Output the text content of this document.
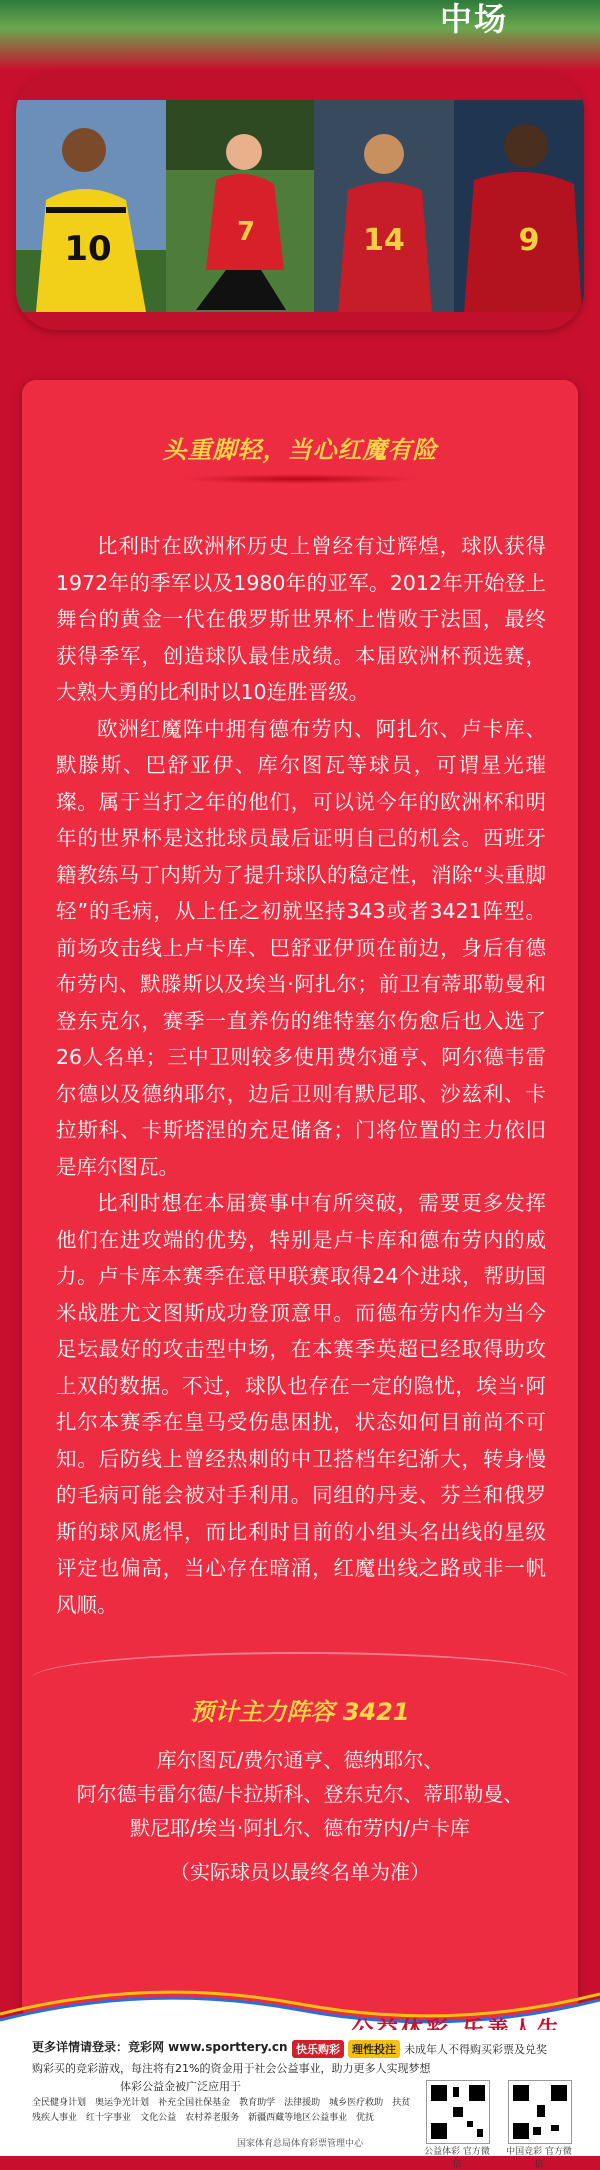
中场
10	7	14	9
头重脚轻，当心红魔有险

比利时在欧洲杯历史上曾经有过辉煌，球队获得1972年的季军以及1980年的亚军。2012年开始登上舞台的黄金一代在俄罗斯世界杯上惜败于法国，最终获得季军，创造球队最佳成绩。本届欧洲杯预选赛，大熟大勇的比利时以10连胜晋级。

欧洲红魔阵中拥有德布劳内、阿扎尔、卢卡库、默滕斯、巴舒亚伊、库尔图瓦等球员，可谓星光璀璨。属于当打之年的他们，可以说今年的欧洲杯和明年的世界杯是这批球员最后证明自己的机会。西班牙籍教练马丁内斯为了提升球队的稳定性，消除“头重脚轻”的毛病，从上任之初就坚持343或者3421阵型。前场攻击线上卢卡库、巴舒亚伊顶在前边，身后有德布劳内、默滕斯以及埃当·阿扎尔；前卫有蒂耶勒曼和登东克尔，赛季一直养伤的维特塞尔伤愈后也入选了26人名单；三中卫则较多使用费尔通亨、阿尔德韦雷尔德以及德纳耶尔，边后卫则有默尼耶、沙兹利、卡拉斯科、卡斯塔涅的充足储备；门将位置的主力依旧是库尔图瓦。

比利时想在本届赛事中有所突破，需要更多发挥他们在进攻端的优势，特别是卢卡库和德布劳内的威力。卢卡库本赛季在意甲联赛取得24个进球，帮助国米战胜尤文图斯成功登顶意甲。而德布劳内作为当今足坛最好的攻击型中场，在本赛季英超已经取得助攻上双的数据。不过，球队也存在一定的隐忧，埃当·阿扎尔本赛季在皇马受伤患困扰，状态如何目前尚不可知。后防线上曾经热刺的中卫搭档年纪渐大，转身慢的毛病可能会被对手利用。同组的丹麦、芬兰和俄罗斯的球风彪悍，而比利时目前的小组头名出线的星级评定也偏高，当心存在暗涌，红魔出线之路或非一帆风顺。

预计主力阵容 3421
库尔图瓦/费尔通亨、德纳耶尔、
阿尔德韦雷尔德/卡拉斯科、登东克尔、蒂耶勒曼、
默尼耶/埃当·阿扎尔、德布劳内/卢卡库
（实际球员以最终名单为准）
更多详情请登录：竞彩网 www.sporttery.cn 快乐购彩 理性投注 未成年人不得购买彩票及兑奖
购彩买的竞彩游戏，每注将有21%的资金用于社会公益事业，助力更多人实现梦想
体彩公益金被广泛应用于
全民健身计划　 奥运争光计划　 补充全国社保基金　 教育助学　 法律援助　 城乡医疗救助　 扶贫　残疾人事业　 红十字事业　 文化公益　 农村养老服务　 新疆西藏等地区公益事业　 优抚
公益体彩 官方微信
中国竞彩 官方微信
国家体育总局体育彩票管理中心
